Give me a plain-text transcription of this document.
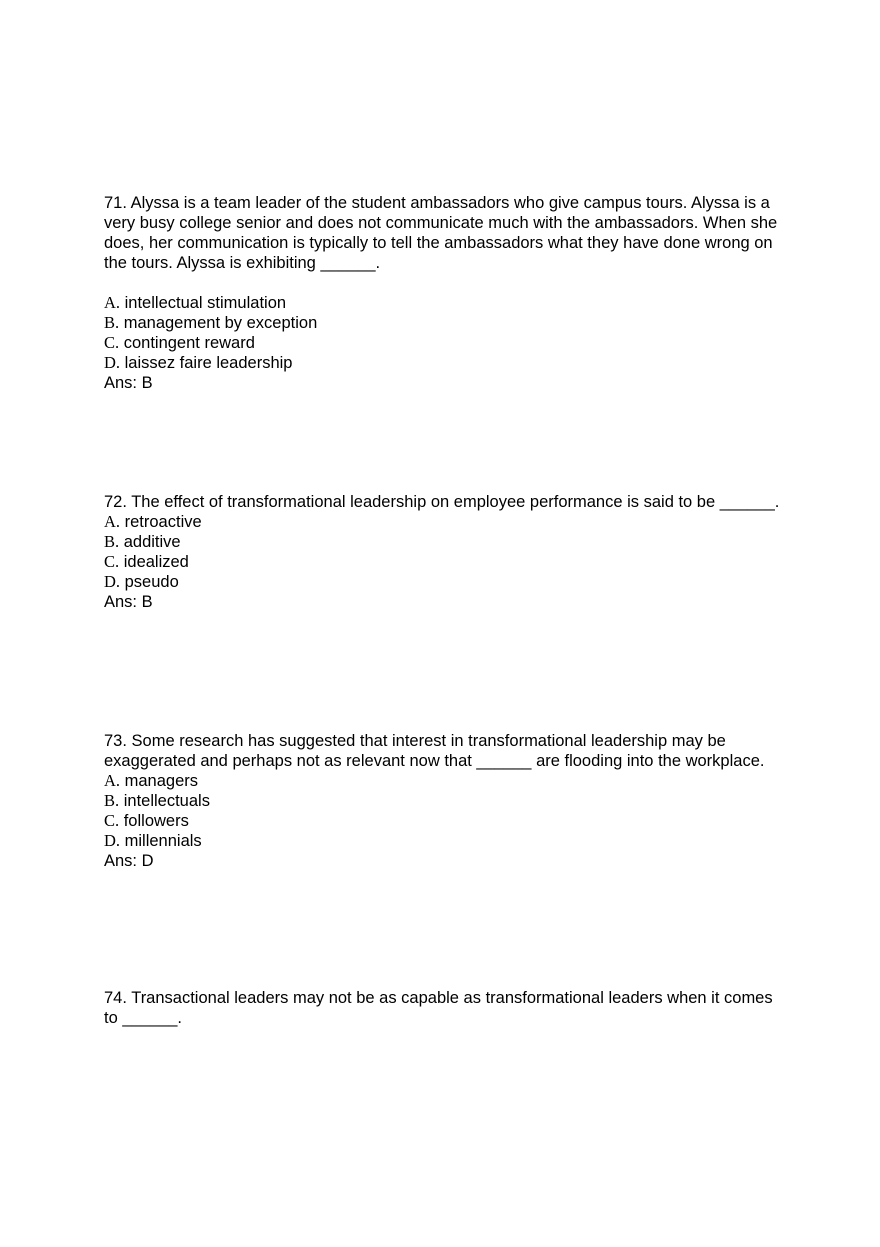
71. Alyssa is a team leader of the student ambassadors who give campus tours. Alyssa is a very busy college senior and does not communicate much with the ambassadors. When she does, her communication is typically to tell the ambassadors what they have done wrong on the tours. Alyssa is exhibiting ______.

A. intellectual stimulation
B. management by exception
C. contingent reward
D. laissez faire leadership

Ans: B

72. The effect of transformational leadership on employee performance is said to be ______.

A. retroactive
B. additive
C. idealized
D. pseudo

Ans: B

73. Some research has suggested that interest in transformational leadership may be exaggerated and perhaps not as relevant now that ______ are flooding into the workplace.

A. managers
B. intellectuals
C. followers
D. millennials

Ans: D

74. Transactional leaders may not be as capable as transformational leaders when it comes to ______.
